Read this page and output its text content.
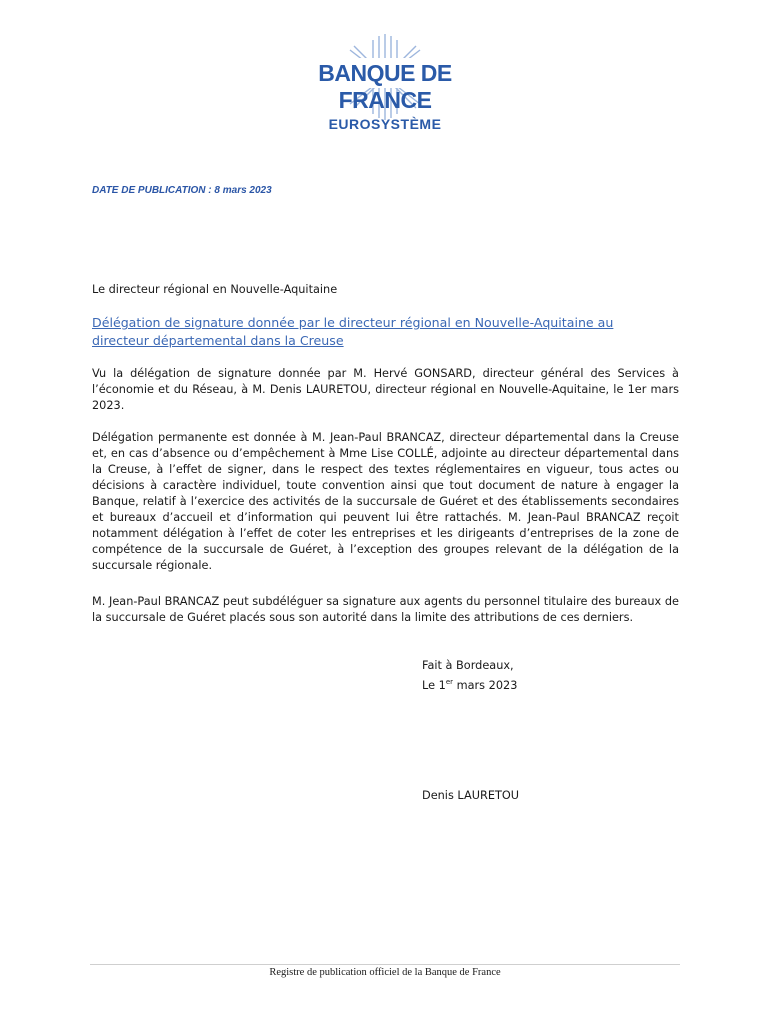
BANQUE DE FRANCE
EUROSYSTÈME
DATE DE PUBLICATION : 8 mars 2023
Le directeur régional en Nouvelle-Aquitaine
Délégation de signature donnée par le directeur régional en Nouvelle-Aquitaine au directeur départemental dans la Creuse
Vu la délégation de signature donnée par M. Hervé GONSARD, directeur général des Services à l’économie et du Réseau, à M. Denis LAURETOU, directeur régional en Nouvelle-Aquitaine, le 1er mars 2023.
Délégation permanente est donnée à M. Jean-Paul BRANCAZ, directeur départemental dans la Creuse et, en cas d’absence ou d’empêchement à Mme Lise COLLÉ, adjointe au directeur départemental dans la Creuse, à l’effet de signer, dans le respect des textes réglementaires en vigueur, tous actes ou décisions à caractère individuel, toute convention ainsi que tout document de nature à engager la Banque, relatif à l’exercice des activités de la succursale de Guéret et des établissements secondaires et bureaux d’accueil et d’information qui peuvent lui être rattachés. M. Jean-Paul BRANCAZ reçoit notamment délégation à l’effet de coter les entreprises et les dirigeants d’entreprises de la zone de compétence de la succursale de Guéret, à l’exception des groupes relevant de la délégation de la succursale régionale.
M. Jean-Paul BRANCAZ peut subdéléguer sa signature aux agents du personnel titulaire des bureaux de la succursale de Guéret placés sous son autorité dans la limite des attributions de ces derniers.
Fait à Bordeaux,
Le 1er mars 2023
Denis LAURETOU
Registre de publication officiel de la Banque de France
